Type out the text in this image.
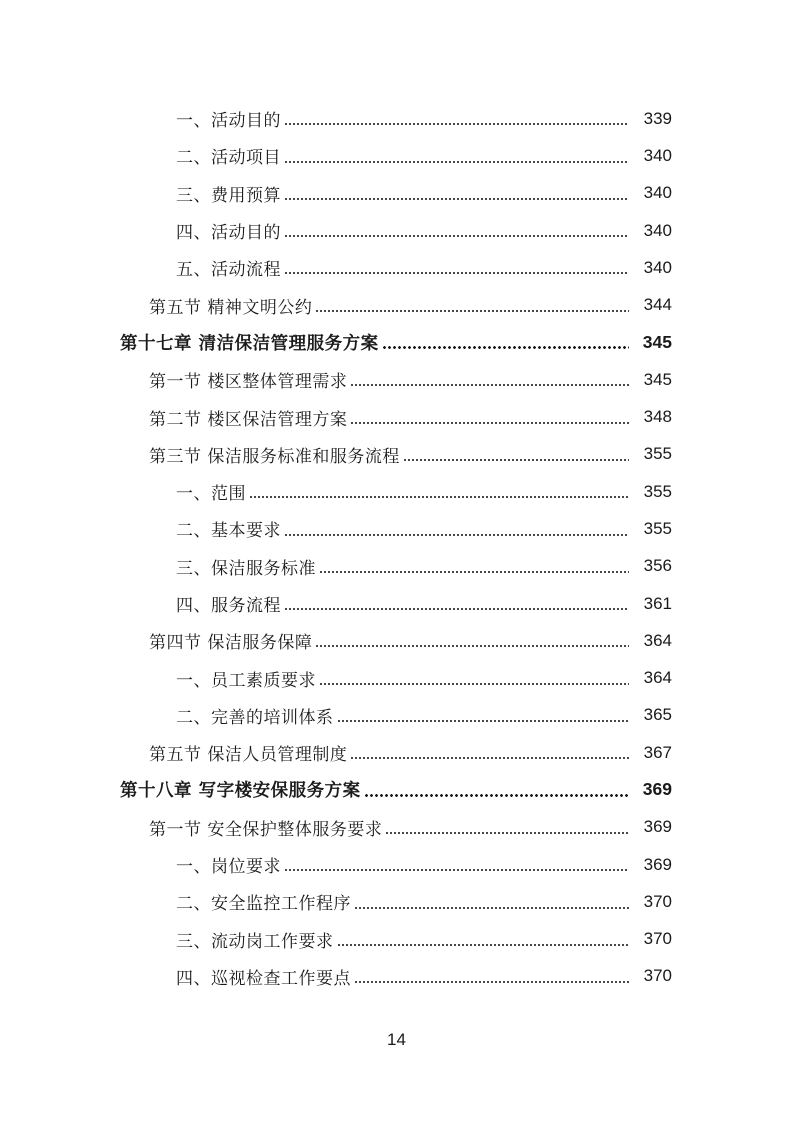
一、活动目的	339
二、活动项目	340
三、费用预算	340
四、活动目的	340
五、活动流程	340
第五节 精神文明公约	344
第十七章 清洁保洁管理服务方案	345
第一节 楼区整体管理需求	345
第二节 楼区保洁管理方案	348
第三节 保洁服务标准和服务流程	355
一、范围	355
二、基本要求	355
三、保洁服务标准	356
四、服务流程	361
第四节 保洁服务保障	364
一、员工素质要求	364
二、完善的培训体系	365
第五节 保洁人员管理制度	367
第十八章 写字楼安保服务方案	369
第一节 安全保护整体服务要求	369
一、岗位要求	369
二、安全监控工作程序	370
三、流动岗工作要求	370
四、巡视检查工作要点	370
14
